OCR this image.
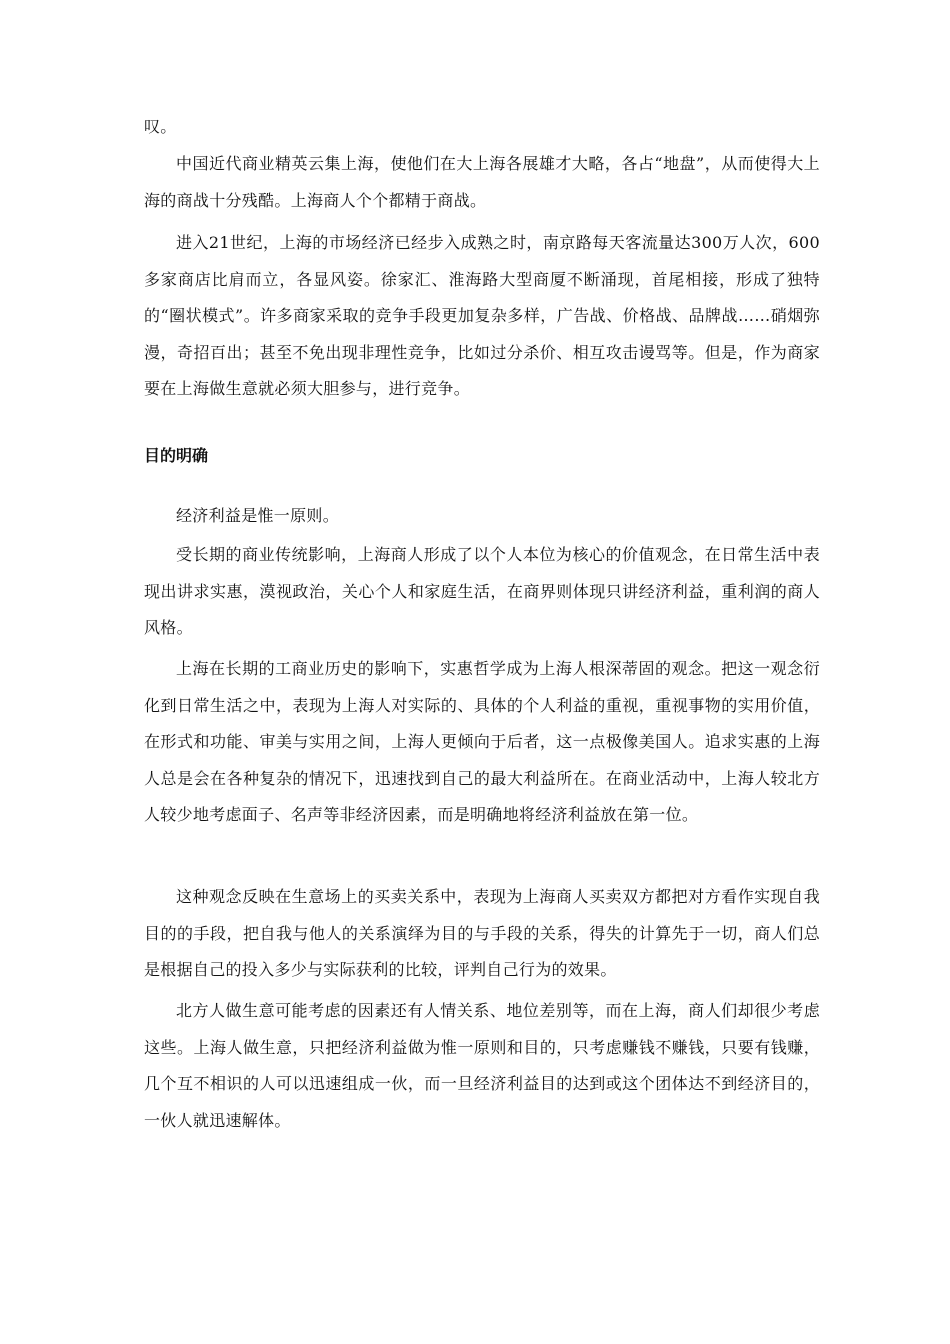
叹。

中国近代商业精英云集上海，使他们在大上海各展雄才大略，各占“地盘”，从而使得大上海的商战十分残酷。上海商人个个都精于商战。

进入21世纪，上海的市场经济已经步入成熟之时，南京路每天客流量达300万人次，600多家商店比肩而立，各显风姿。徐家汇、淮海路大型商厦不断涌现，首尾相接，形成了独特的“圈状模式”。许多商家采取的竞争手段更加复杂多样，广告战、价格战、品牌战……硝烟弥漫，奇招百出；甚至不免出现非理性竞争，比如过分杀价、相互攻击谩骂等。但是，作为商家要在上海做生意就必须大胆参与，进行竞争。

目的明确

经济利益是惟一原则。

受长期的商业传统影响，上海商人形成了以个人本位为核心的价值观念，在日常生活中表现出讲求实惠，漠视政治，关心个人和家庭生活，在商界则体现只讲经济利益，重利润的商人风格。

上海在长期的工商业历史的影响下，实惠哲学成为上海人根深蒂固的观念。把这一观念衍化到日常生活之中，表现为上海人对实际的、具体的个人利益的重视，重视事物的实用价值，在形式和功能、审美与实用之间，上海人更倾向于后者，这一点极像美国人。追求实惠的上海人总是会在各种复杂的情况下，迅速找到自己的最大利益所在。在商业活动中，上海人较北方人较少地考虑面子、名声等非经济因素，而是明确地将经济利益放在第一位。

这种观念反映在生意场上的买卖关系中，表现为上海商人买卖双方都把对方看作实现自我目的的手段，把自我与他人的关系演绎为目的与手段的关系，得失的计算先于一切，商人们总是根据自己的投入多少与实际获利的比较，评判自己行为的效果。

北方人做生意可能考虑的因素还有人情关系、地位差别等，而在上海，商人们却很少考虑这些。上海人做生意，只把经济利益做为惟一原则和目的，只考虑赚钱不赚钱，只要有钱赚，几个互不相识的人可以迅速组成一伙，而一旦经济利益目的达到或这个团体达不到经济目的，一伙人就迅速解体。
